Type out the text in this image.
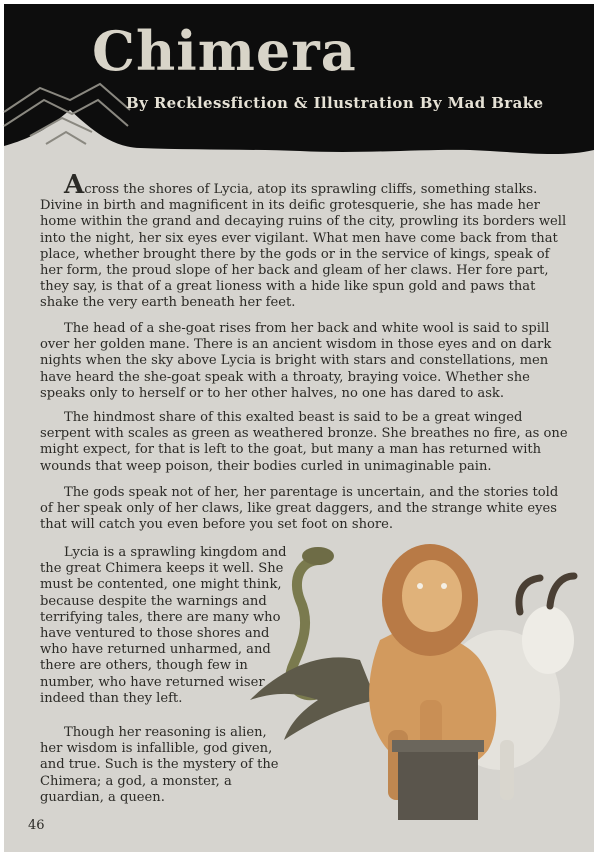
Chimera
By Recklessfiction & Illustration By Mad Brake

Across the shores of Lycia, atop its sprawling cliffs, something stalks. Divine in birth and magnificent in its deific grotesquerie, she has made her home within the grand and decaying ruins of the city, prowling its borders well into the night, her six eyes ever vigilant. What men have come back from that place, whether brought there by the gods or in the service of kings, speak of her form, the proud slope of her back and gleam of her claws. Her fore part, they say, is that of a great lioness with a hide like spun gold and paws that shake the very earth beneath her feet.

The head of a she-goat rises from her back and white wool is said to spill over her golden mane. There is an ancient wisdom in those eyes and on dark nights when the sky above Lycia is bright with stars and constellations, men have heard the she-goat speak with a throaty, braying voice. Whether she speaks only to herself or to her other halves, no one has dared to ask.

The hindmost share of this exalted beast is said to be a great winged serpent with scales as green as weathered bronze. She breathes no fire, as one might expect, for that is left to the goat, but many a man has returned with wounds that weep poison, their bodies curled in unimaginable pain.

The gods speak not of her, her parentage is uncertain, and the stories told of her speak only of her claws, like great daggers, and the strange white eyes that will catch you even before you set foot on shore.

Lycia is a sprawling kingdom and the great Chimera keeps it well. She must be contented, one might think, because despite the warnings and terrifying tales, there are many who have ventured to those shores and who have returned unharmed, and there are others, though few in number, who have returned wiser indeed than they left.

Though her reasoning is alien, her wisdom is infallible, god given, and true. Such is the mystery of the Chimera; a god, a monster, a guardian, a queen.

46
